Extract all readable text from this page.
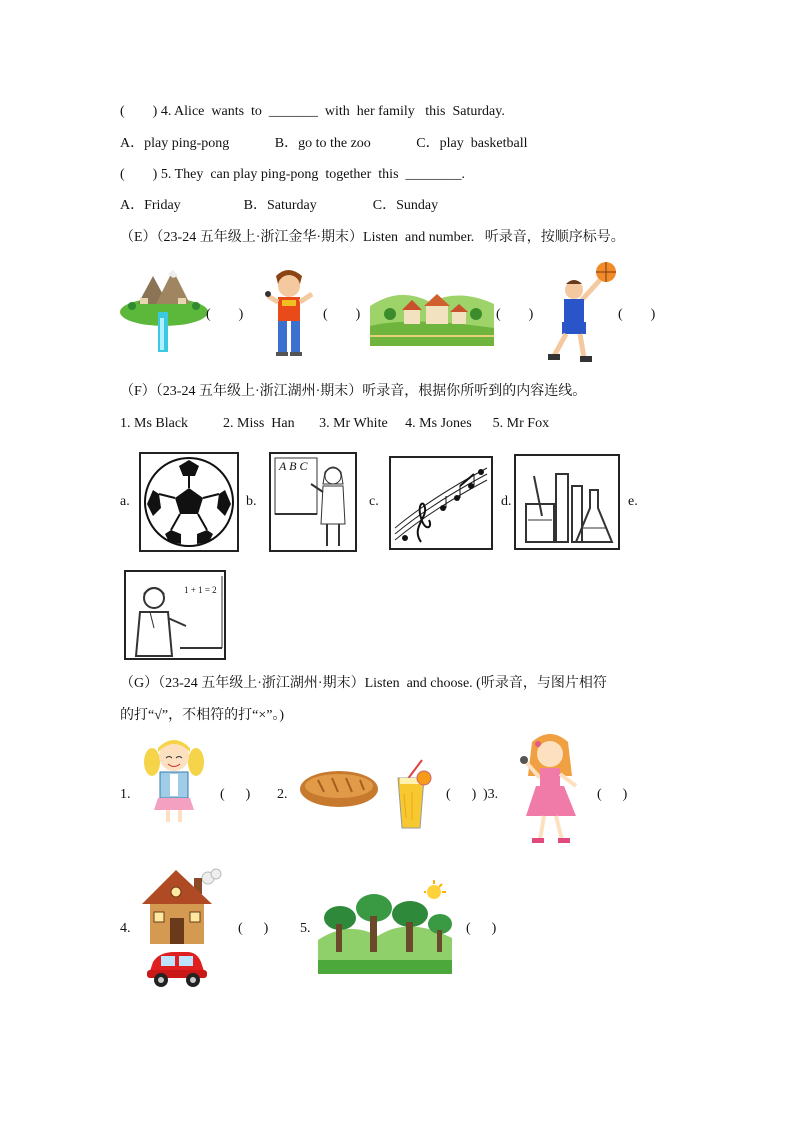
(        ) 4. Alice  wants  to  _______  with  her family   this  Saturday.
A．play ping-pong             B．go to the zoo             C．play  basketball
(        ) 5. They  can play ping-pong  together  this  ________.
A．Friday                  B．Saturday                C．Sunday
（E）（23-24 五年级上·浙江金华·期末）Listen  and number.   听录音，按顺序标号。
(        )	(        )	(        )	(        )
（F）（23-24 五年级上·浙江湖州·期末）听录音，根据你所听到的内容连线。
1. Ms Black          2. Miss  Han       3. Mr White     4. Ms Jones      5. Mr Fox
a.	b.
A B C
c.	d.	e.
1 + 1 = 2
（G）（23-24 五年级上·浙江湖州·期末）Listen  and choose. (听录音，与图片相符
的打“√”，不相符的打“×”。)
1.	(      ) 2.	(      ) )3.	(      )
4.	(      ) 5.	(      )
